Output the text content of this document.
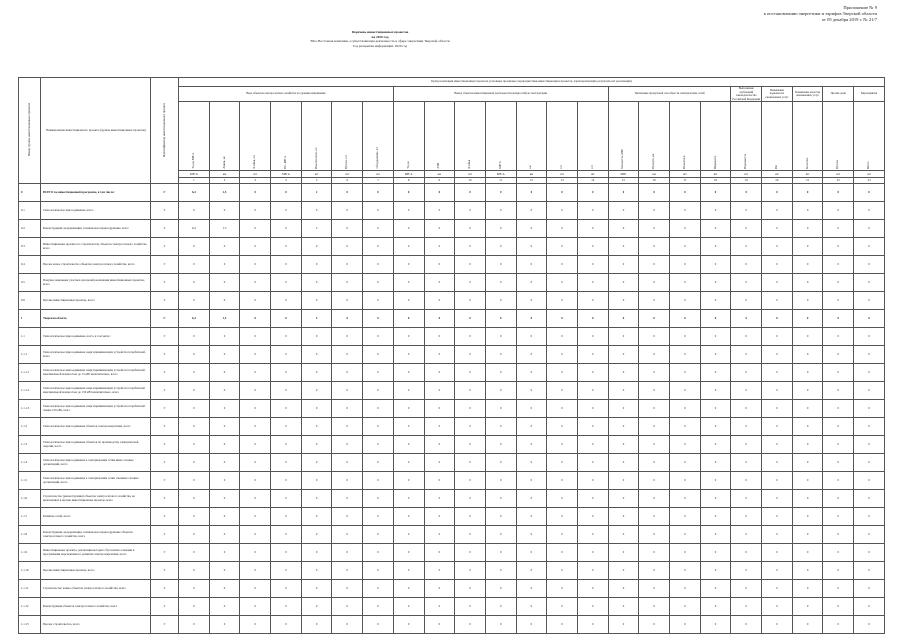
Приложение № 9
к постановлению энергетики и тарифов Тверской области
от 05 декабря 2019 г. № 21/7
Перечень инвестиционных проектов
на 2020 год
Юго-Восточная компания, осуществляющая деятельность в сфере энергетики Тверской области
Год раскрытия информации: 2020 год
Номер группы инвестиционных проектов	Наименование инвестиционного проекта (группы инвестиционных проектов)	Идентификатор инвестиционного проекта	Цели реализации инвестиционных проектов (основные проектные характеристики инвестиционных проектов, характеризующих результаты их реализации)																						
			Ввод объектов электросетевого хозяйства по уровням напряжения							Вывод объектов инвестиционной деятельности (мощностей) из эксплуатации							Увеличение пропускной способности электрических сетей				Выполнение требований законодательства Российской Федерации	Повышение надежности оказываемых услуг	Повышение качества оказываемых услуг	Прочие цели	Мероприятия

			Тр-ры, МВ·А	Линии, км	Ячейки, шт	ПС, МВ·А	Выключатели, шт	Прочее, шт	Оборудование, шт	Тр-ры	ЛЭП	Ячейки	МВ·А	км	шт	шт	Мощность, МВт	Пропуск, км	Показатель	Индикатор	Надежность	Пп	Качество	Прочее	Итого

			МВ·А	км	шт	МВ·А	шт	шт	шт	МВ·А	км	шт	МВ·А	км	шт	шт	МВт	км	шт	шт	шт	шт	шт	шт	шт
			1	2	3	4	5	6	7	8	9	10	11	12	13	14	15	16	17	18	19	20	21	22	23
0	ВСЕГО по инвестиционной программе, в том числе:	Г	6,4	1,5	0	0	2	0	0	0	0	0	0	0	0	0	0	0	0	0	0	0	0	0	0
0.1	Технологическое присоединение, всего	Г	0	0	0	0	0	0	0	0	0	0	0	0	0	0	0	0	0	0	0	0	0	0	0
0.2	Реконструкция, модернизация, техническое перевооружение, всего	Г	6,4	1,5	0	0	2	0	0	0	0	0	0	0	0	0	0	0	0	0	0	0	0	0	0
0.3	Инвестиционные проекты по строительству объектов электросетевого хозяйства, всего	Г	0	0	0	0	0	0	0	0	0	0	0	0	0	0	0	0	0	0	0	0	0	0	0
0.4	Прочее новое строительство объектов электросетевого хозяйства, всего	Г	0	0	0	0	0	0	0	0	0	0	0	0	0	0	0	0	0	0	0	0	0	0	0
0.5	Покупка земельных участков для целей реализации инвестиционных проектов, всего	Г	0	0	0	0	0	0	0	0	0	0	0	0	0	0	0	0	0	0	0	0	0	0	0
0.6	Прочие инвестиционные проекты, всего	Г	0	0	0	0	0	0	0	0	0	0	0	0	0	0	0	0	0	0	0	0	0	0	0
1	Тверская область	Г	6,4	1,5	0	0	2	0	0	0	0	0	0	0	0	0	0	0	0	0	0	0	0	0	0
1.1	Технологическое присоединение, всего, в том числе:	Г	0	0	0	0	0	0	0	0	0	0	0	0	0	0	0	0	0	0	0	0	0	0	0
1.1.1	Технологическое присоединение энергопринимающих устройств потребителей, всего	Г	0	0	0	0	0	0	0	0	0	0	0	0	0	0	0	0	0	0	0	0	0	0	0
1.1.1.1	Технологическое присоединение энергопринимающих устройств потребителей максимальной мощностью до 15 кВт включительно, всего	Г	0	0	0	0	0	0	0	0	0	0	0	0	0	0	0	0	0	0	0	0	0	0	0
1.1.1.2	Технологическое присоединение энергопринимающих устройств потребителей максимальной мощностью до 150 кВт включительно, всего	Г	0	0	0	0	0	0	0	0	0	0	0	0	0	0	0	0	0	0	0	0	0	0	0
1.1.1.3	Технологическое присоединение энергопринимающих устройств потребителей свыше 150 кВт, всего	Г	0	0	0	0	0	0	0	0	0	0	0	0	0	0	0	0	0	0	0	0	0	0	0
1.1.2	Технологическое присоединение объектов электроэнергетики, всего	Г	0	0	0	0	0	0	0	0	0	0	0	0	0	0	0	0	0	0	0	0	0	0	0
1.1.3	Технологическое присоединение объектов по производству электрической энергии, всего	Г	0	0	0	0	0	0	0	0	0	0	0	0	0	0	0	0	0	0	0	0	0	0	0
1.1.4	Технологическое присоединение к электрическим сетям иных сетевых организаций, всего	Г	0	0	0	0	0	0	0	0	0	0	0	0	0	0	0	0	0	0	0	0	0	0	0
1.1.5	Технологическое присоединение к электрическим сетям смежных сетевых организаций, всего	Г	0	0	0	0	0	0	0	0	0	0	0	0	0	0	0	0	0	0	0	0	0	0	0
1.1.6	Строительство (реконструкция) объектов электросетевого хозяйства, не включенных в прочие инвестиционные проекты, всего	Г	0	0	0	0	0	0	0	0	0	0	0	0	0	0	0	0	0	0	0	0	0	0	0
1.1.7	Развитие сетей, всего	Г	0	0	0	0	0	0	0	0	0	0	0	0	0	0	0	0	0	0	0	0	0	0	0
1.1.8	Реконструкция, модернизация, техническое перевооружение объектов электросетевого хозяйства, всего	Г	0	0	0	0	0	0	0	0	0	0	0	0	0	0	0	0	0	0	0	0	0	0	0
1.1.9	Инвестиционные проекты, реализация которых обусловлена схемами и программами перспективного развития электроэнергетики, всего	Г	0	0	0	0	0	0	0	0	0	0	0	0	0	0	0	0	0	0	0	0	0	0	0
1.1.10	Прочие инвестиционные проекты, всего	Г	0	0	0	0	0	0	0	0	0	0	0	0	0	0	0	0	0	0	0	0	0	0	0
1.1.11	Строительство новых объектов электросетевого хозяйства, всего	Г	0	0	0	0	0	0	0	0	0	0	0	0	0	0	0	0	0	0	0	0	0	0	0
1.1.12	Реконструкция объектов электросетевого хозяйства, всего	Г	0	0	0	0	0	0	0	0	0	0	0	0	0	0	0	0	0	0	0	0	0	0	0
1.1.13	Прочее строительство, всего	Г	0	0	0	0	0	0	0	0	0	0	0	0	0	0	0	0	0	0	0	0	0	0	0
